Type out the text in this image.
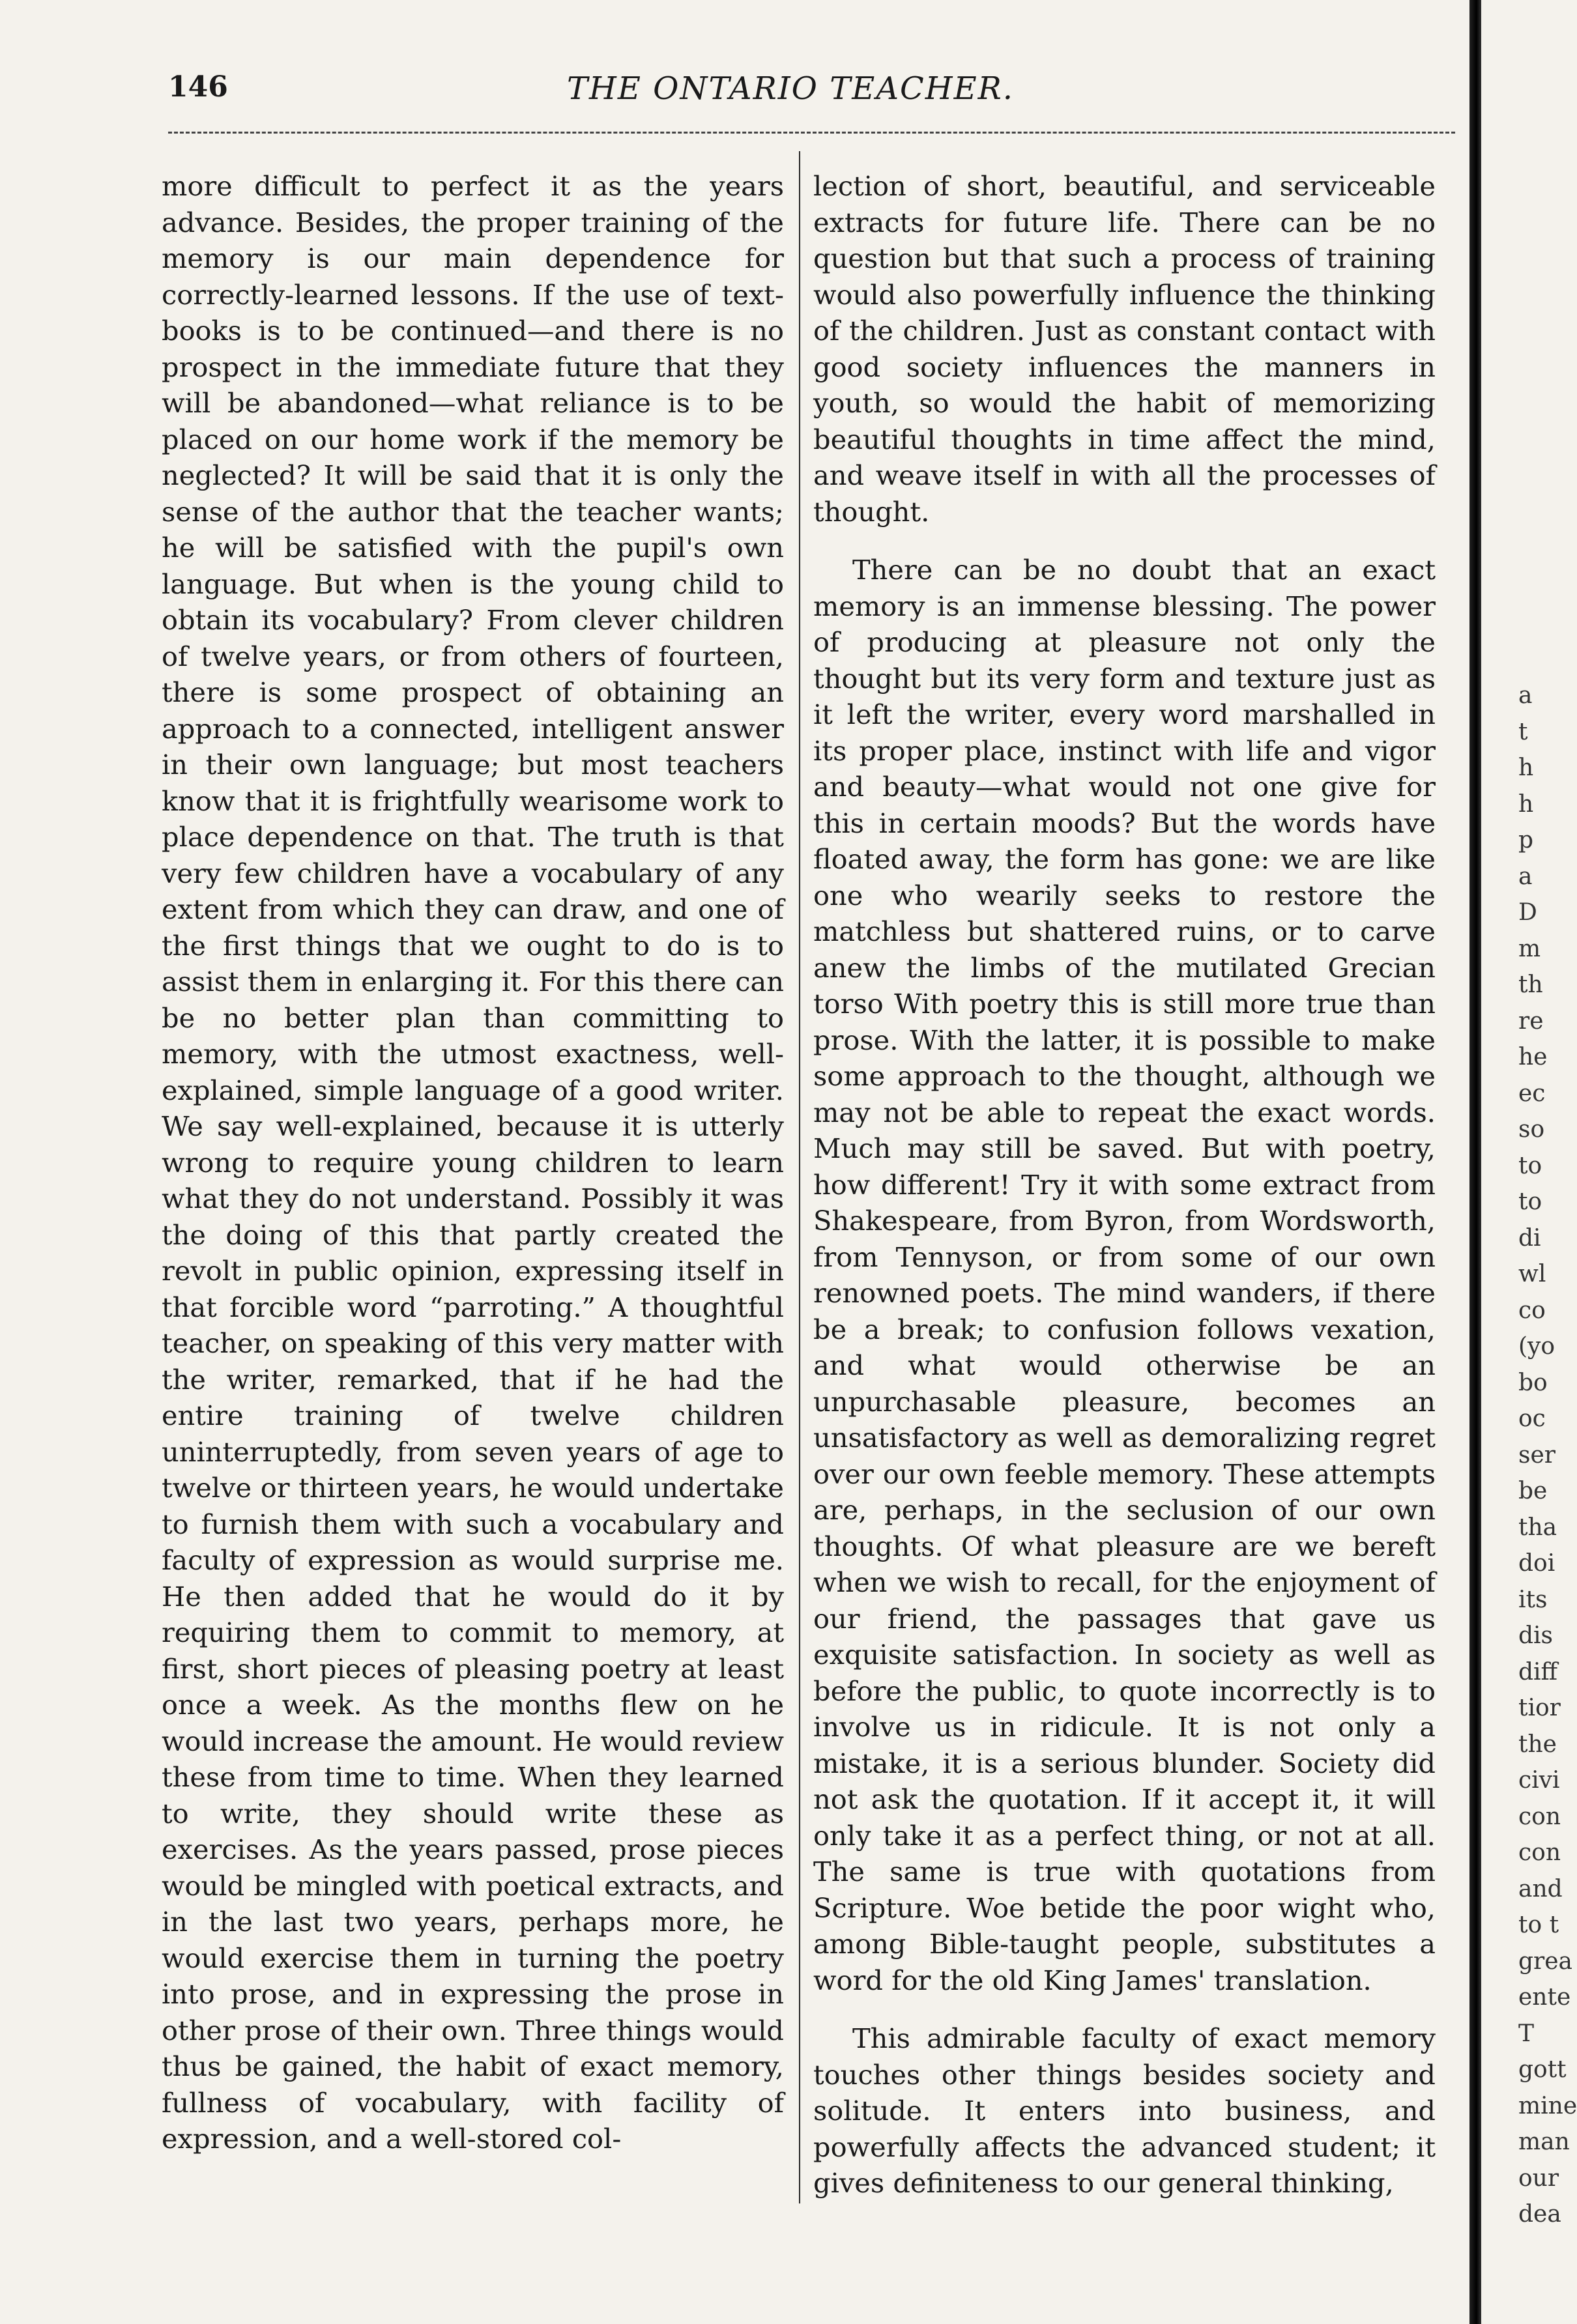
146	THE ONTARIO TEACHER.

more difficult to perfect it as the years advance. Besides, the proper training of the memory is our main dependence for correctly-learned lessons. If the use of text-books is to be continued—and there is no prospect in the immediate future that they will be abandoned—what reliance is to be placed on our home work if the memory be neglected? It will be said that it is only the sense of the author that the teacher wants; he will be satisfied with the pupil's own language. But when is the young child to obtain its vocabulary? From clever children of twelve years, or from others of fourteen, there is some prospect of obtaining an approach to a connected, intelligent answer in their own language; but most teachers know that it is frightfully wearisome work to place dependence on that. The truth is that very few children have a vocabulary of any extent from which they can draw, and one of the first things that we ought to do is to assist them in enlarging it. For this there can be no better plan than committing to memory, with the utmost exactness, well-explained, simple language of a good writer. We say well-explained, because it is utterly wrong to require young children to learn what they do not understand. Possibly it was the doing of this that partly created the revolt in public opinion, expressing itself in that forcible word “parroting.” A thoughtful teacher, on speaking of this very matter with the writer, remarked, that if he had the entire training of twelve children uninterruptedly, from seven years of age to twelve or thirteen years, he would undertake to furnish them with such a vocabulary and faculty of expression as would surprise me. He then added that he would do it by requiring them to commit to memory, at first, short pieces of pleasing poetry at least once a week. As the months flew on he would increase the amount. He would review these from time to time. When they learned to write, they should write these as exercises. As the years passed, prose pieces would be mingled with poetical extracts, and in the last two years, perhaps more, he would exercise them in turning the poetry into prose, and in expressing the prose in other prose of their own. Three things would thus be gained, the habit of exact memory, fullness of vocabulary, with facility of expression, and a well-stored col-

lection of short, beautiful, and serviceable extracts for future life. There can be no question but that such a process of training would also powerfully influence the thinking of the children. Just as constant contact with good society influences the manners in youth, so would the habit of memorizing beautiful thoughts in time affect the mind, and weave itself in with all the processes of thought.

There can be no doubt that an exact memory is an immense blessing. The power of producing at pleasure not only the thought but its very form and texture just as it left the writer, every word marshalled in its proper place, instinct with life and vigor and beauty—what would not one give for this in certain moods? But the words have floated away, the form has gone: we are like one who wearily seeks to restore the matchless but shattered ruins, or to carve anew the limbs of the mutilated Grecian torso With poetry this is still more true than prose. With the latter, it is possible to make some approach to the thought, although we may not be able to repeat the exact words. Much may still be saved. But with poetry, how different! Try it with some extract from Shakespeare, from Byron, from Wordsworth, from Tennyson, or from some of our own renowned poets. The mind wanders, if there be a break; to confusion follows vexation, and what would otherwise be an unpurchasable pleasure, becomes an unsatisfactory as well as demoralizing regret over our own feeble memory. These attempts are, perhaps, in the seclusion of our own thoughts. Of what pleasure are we bereft when we wish to recall, for the enjoyment of our friend, the passages that gave us exquisite satisfaction. In society as well as before the public, to quote incorrectly is to involve us in ridicule. It is not only a mistake, it is a serious blunder. Society did not ask the quotation. If it accept it, it will only take it as a perfect thing, or not at all. The same is true with quotations from Scripture. Woe betide the poor wight who, among Bible-taught people, substitutes a word for the old King James' translation.

This admirable faculty of exact memory touches other things besides society and solitude. It enters into business, and powerfully affects the advanced student; it gives definiteness to our general thinking,

a
t
h
h
p
a
D
m
th
re
he
ec
so
to
to
di
wl
co
(yo
bo
oc
ser
be
tha
doi
its
dis
diff
tior
the
civi
con
con
and
to t
grea
ente
T
gott
mine
man
our
dea
